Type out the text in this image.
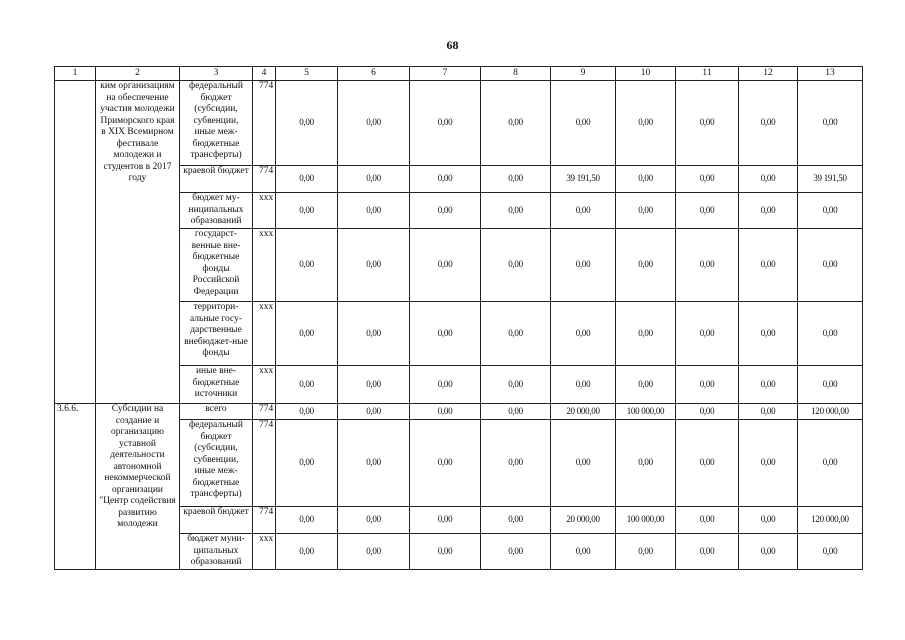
68
1	2	3	4	5	6	7	8	9	10	11	12	13
	ким организациям на обеспечение участия молодежи Приморского края в XIX Всемирном фестивале молодежи и студентов в 2017 году	федеральный бюджет (субсидии, субвенции, иные меж-бюджетные трансферты)	774	0,00	0,00	0,00	0,00	0,00	0,00	0,00	0,00	0,00
		краевой бюджет	774	0,00	0,00	0,00	0,00	39 191,50	0,00	0,00	0,00	39 191,50
		бюджет му-ниципальных образований	ххх	0,00	0,00	0,00	0,00	0,00	0,00	0,00	0,00	0,00
		государст-венные вне-бюджетные фонды Российской Федерации	ххх	0,00	0,00	0,00	0,00	0,00	0,00	0,00	0,00	0,00
		территори-альные госу-дарственные внебюджет-ные фонды	ххх	0,00	0,00	0,00	0,00	0,00	0,00	0,00	0,00	0,00
		иные вне-бюджетные источники	ххх	0,00	0,00	0,00	0,00	0,00	0,00	0,00	0,00	0,00
3.6.6.	Субсидии на создание и организацию уставной деятельности автономной некоммерческой организации "Центр содействия развитию молодежи	всего	774	0,00	0,00	0,00	0,00	20 000,00	100 000,00	0,00	0,00	120 000,00
		федеральный бюджет (субсидии, субвенции, иные меж-бюджетные трансферты)	774	0,00	0,00	0,00	0,00	0,00	0,00	0,00	0,00	0,00
		краевой бюджет	774	0,00	0,00	0,00	0,00	20 000,00	100 000,00	0,00	0,00	120 000,00
		бюджет муни-ципальных образований	ххх	0,00	0,00	0,00	0,00	0,00	0,00	0,00	0,00	0,00
